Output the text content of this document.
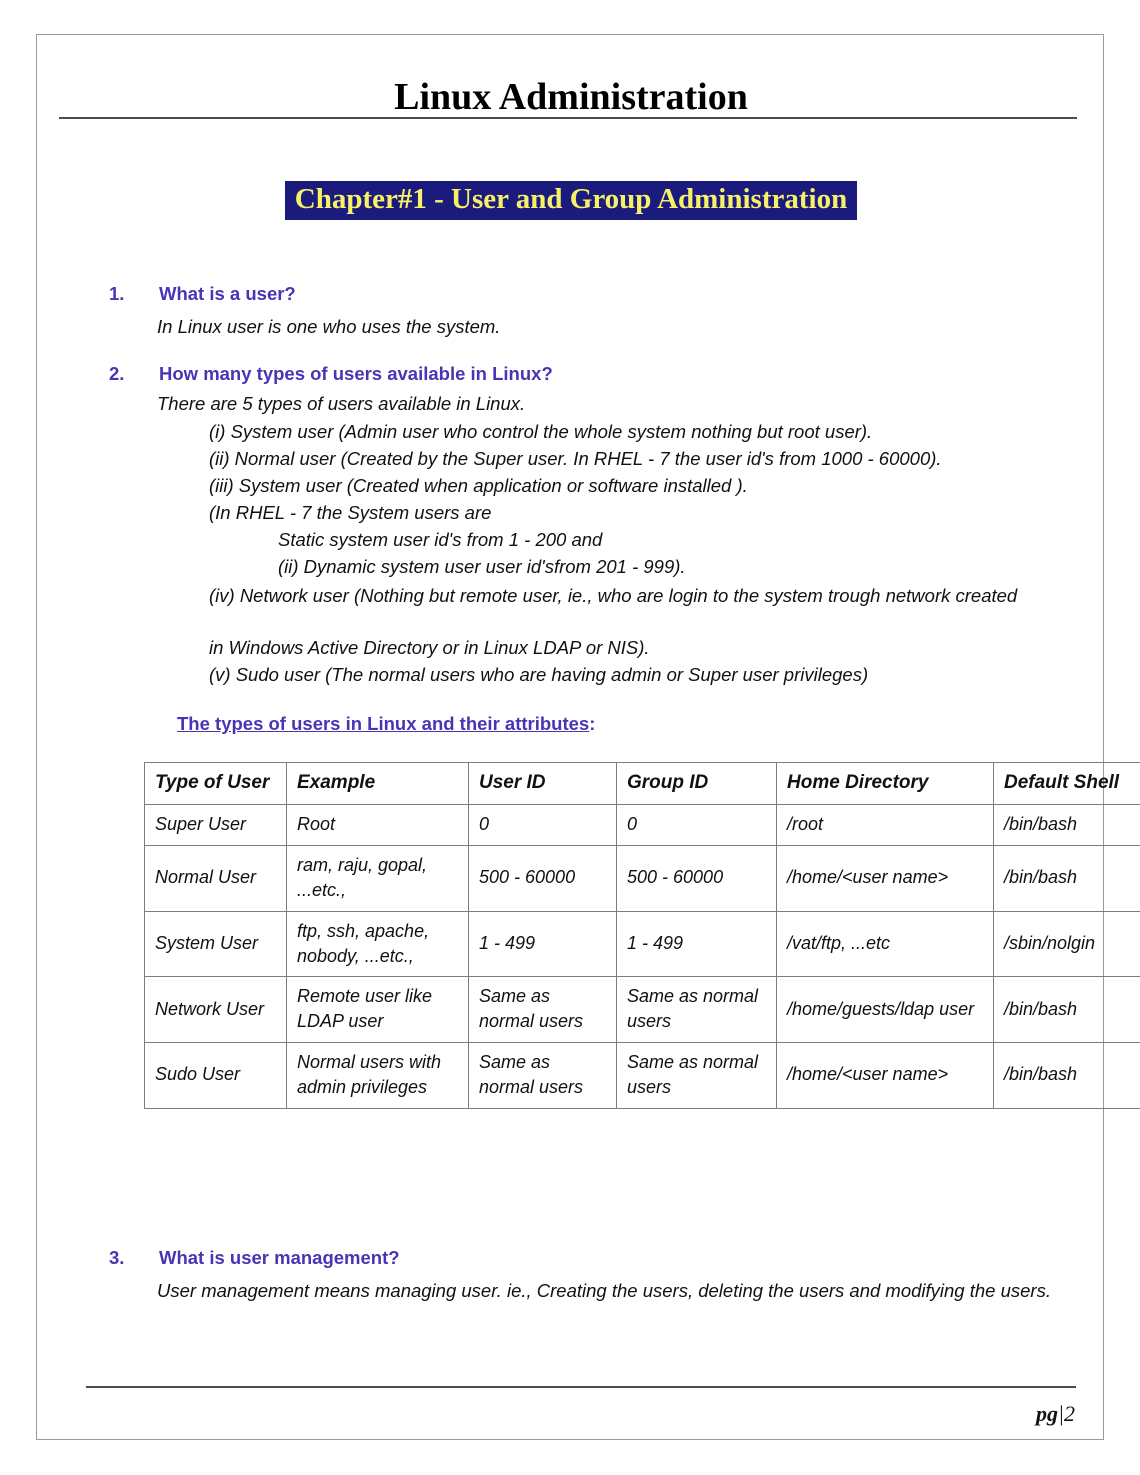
Linux Administration
Chapter#1 - User and Group Administration
1. What is a user?
In Linux user is one who uses the system.
2. How many types of users available in Linux?
There are 5 types of users available in Linux.
(i) System user (Admin user who control the whole system nothing but root user).
(ii) Normal user (Created by the Super user. In RHEL - 7 the user id's from 1000 - 60000).
(iii) System user (Created when application or software installed ).
(In RHEL - 7 the System users are
Static system user id's from 1 - 200 and
(ii) Dynamic system user user id'sfrom 201 - 999).
(iv) Network user (Nothing but remote user, ie., who are login to the system trough network created
in Windows Active Directory or in Linux LDAP or NIS).
(v) Sudo user (The normal users who are having admin or Super user privileges)
The types of users in Linux and their attributes:
Type of User	Example	User ID	Group ID	Home Directory	Default Shell
Super User	Root	0	0	/root	/bin/bash
Normal User	ram, raju, gopal, ...etc.,	500 - 60000	500 - 60000	/home/<user name>	/bin/bash
System User	ftp, ssh, apache, nobody, ...etc.,	1 - 499	1 - 499	/vat/ftp, ...etc	/sbin/nolgin
Network User	Remote user like LDAP user	Same as normal users	Same as normal users	/home/guests/ldap user	/bin/bash
Sudo User	Normal users with admin privileges	Same as normal users	Same as normal users	/home/<user name>	/bin/bash
3. What is user management?
User management means managing user. ie., Creating the users, deleting the users and modifying the users.
pg|2
